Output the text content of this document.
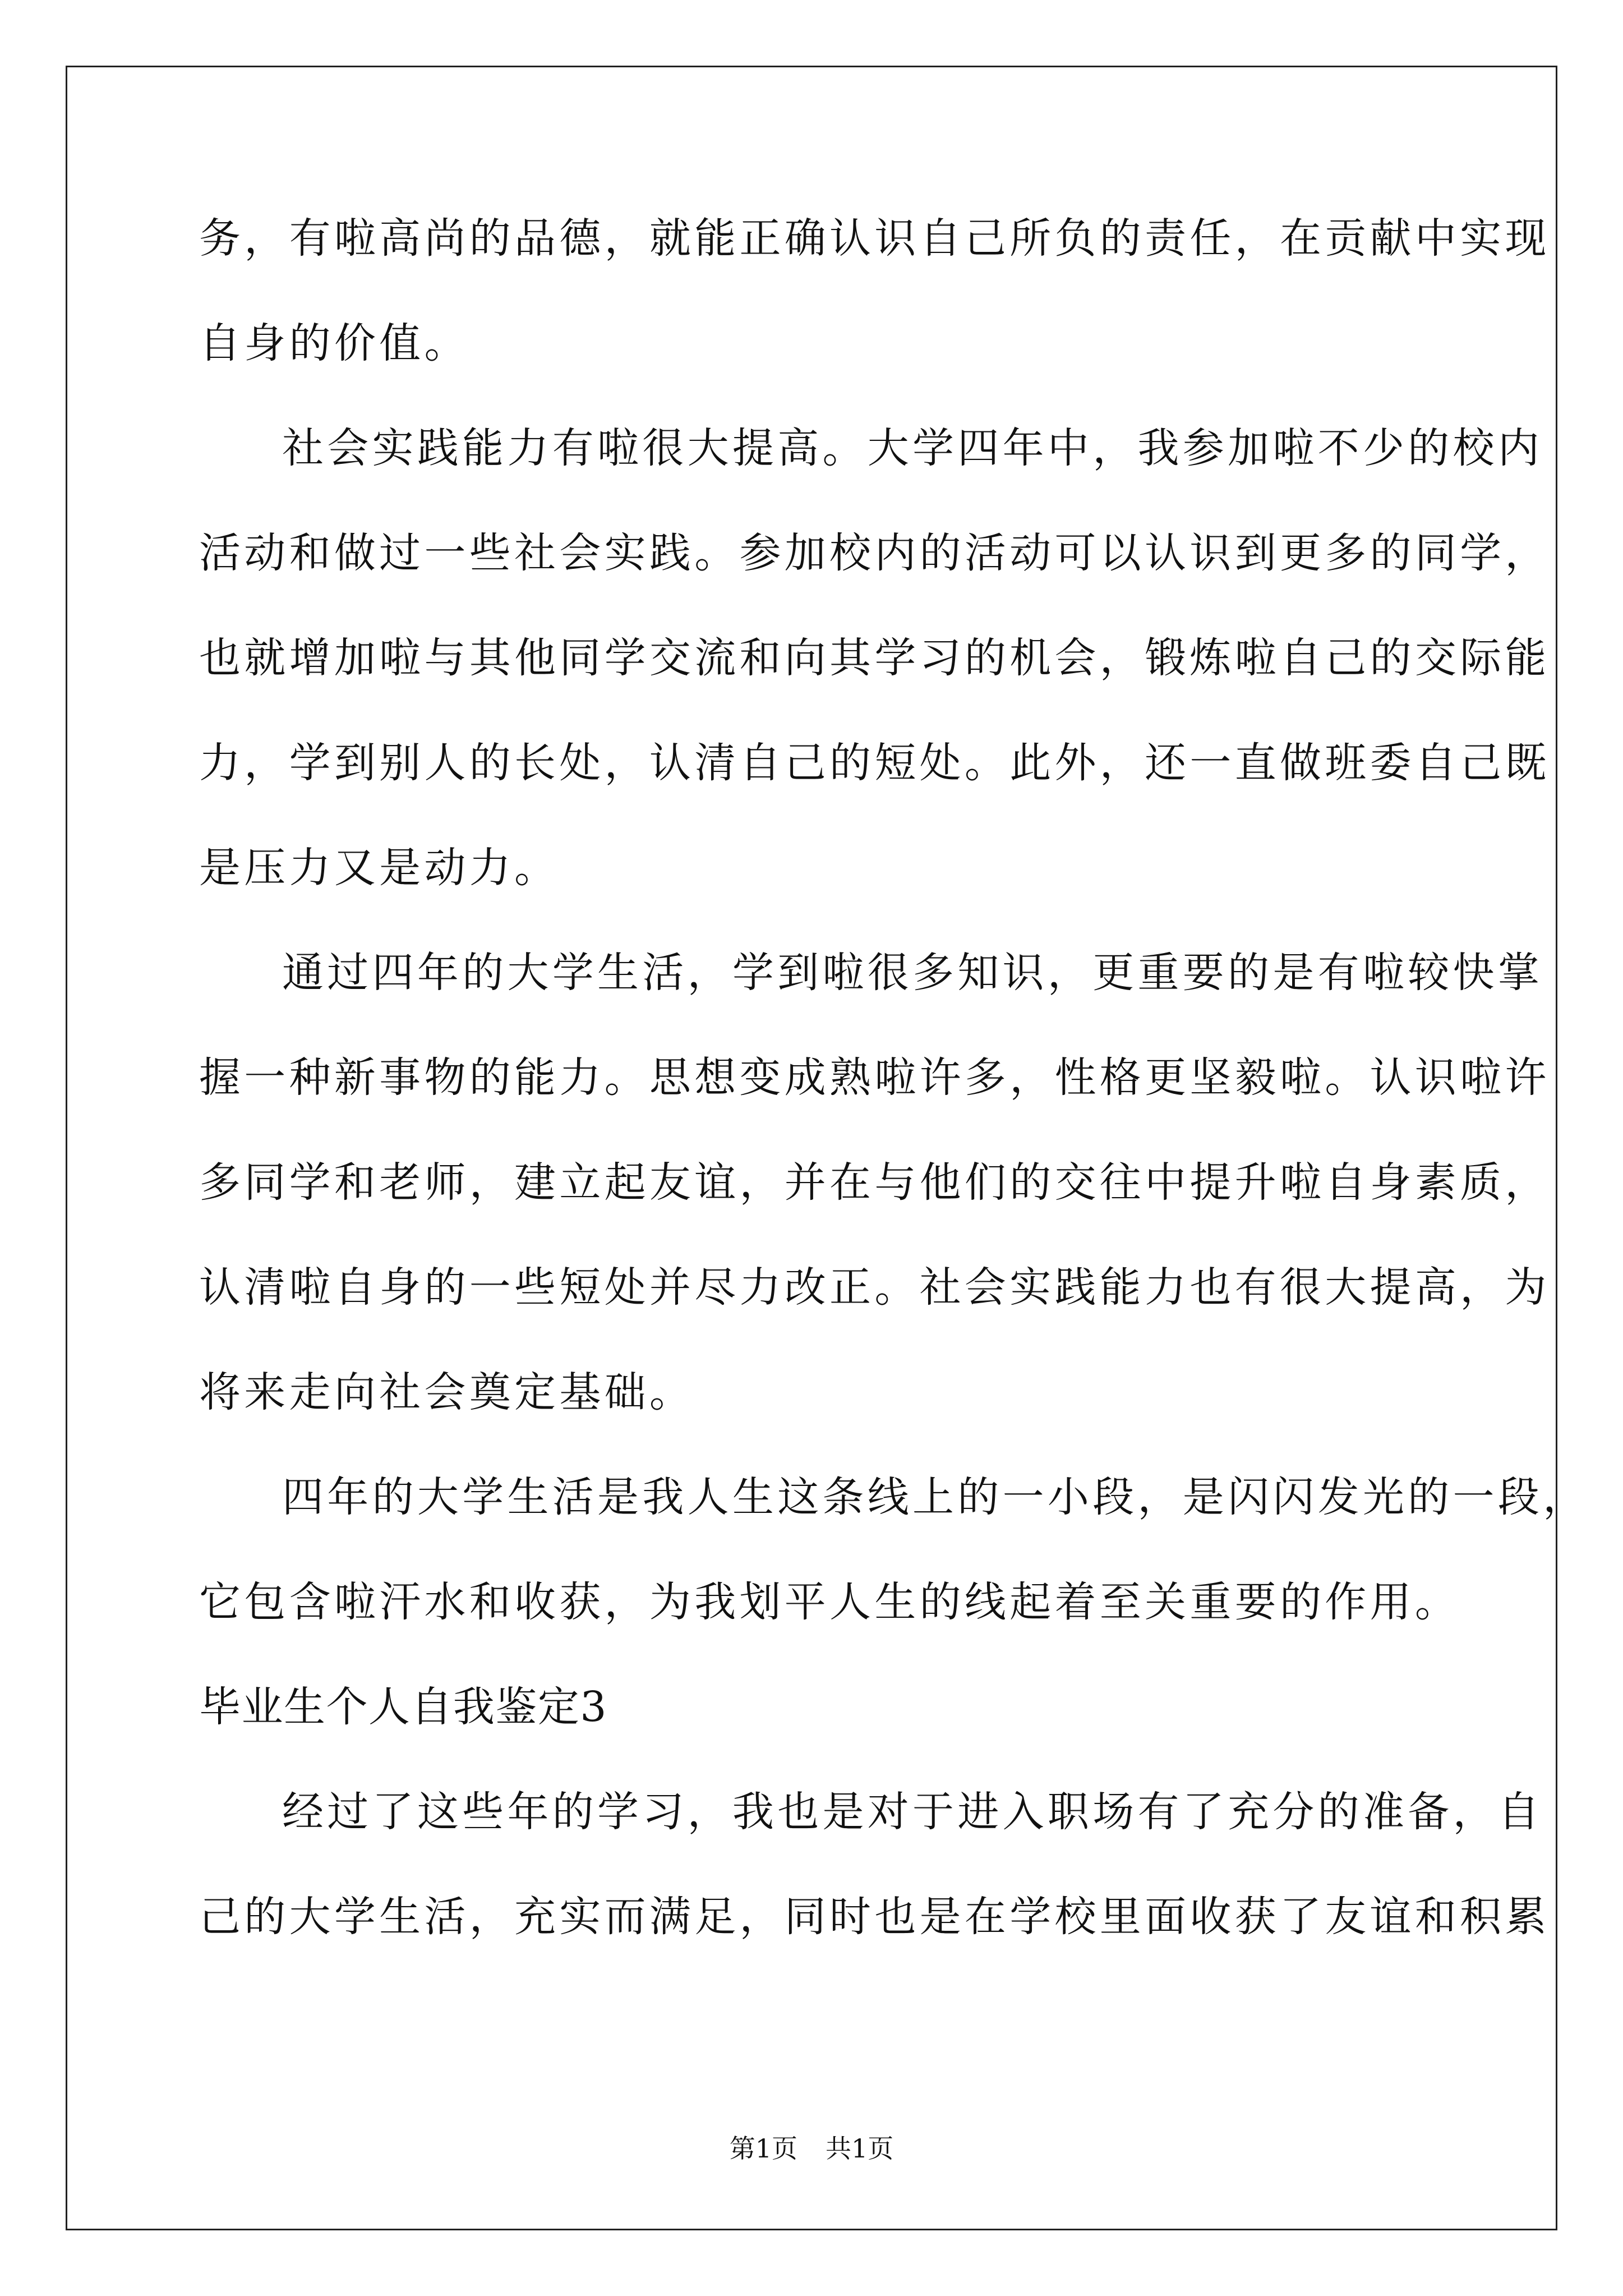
务，有啦高尚的品德，就能正确认识自己所负的责任，在贡献中实现
自身的价值。
社会实践能力有啦很大提高。大学四年中，我参加啦不少的校内
活动和做过一些社会实践。参加校内的活动可以认识到更多的同学，
也就增加啦与其他同学交流和向其学习的机会，锻炼啦自己的交际能
力，学到别人的长处，认清自己的短处。此外，还一直做班委自己既
是压力又是动力。
通过四年的大学生活，学到啦很多知识，更重要的是有啦较快掌
握一种新事物的能力。思想变成熟啦许多，性格更坚毅啦。认识啦许
多同学和老师，建立起友谊，并在与他们的交往中提升啦自身素质，
认清啦自身的一些短处并尽力改正。社会实践能力也有很大提高，为
将来走向社会奠定基础。
四年的大学生活是我人生这条线上的一小段，是闪闪发光的一段，
它包含啦汗水和收获，为我划平人生的线起着至关重要的作用。
毕业生个人自我鉴定3
经过了这些年的学习，我也是对于进入职场有了充分的准备，自
己的大学生活，充实而满足，同时也是在学校里面收获了友谊和积累
第1页 共1页
